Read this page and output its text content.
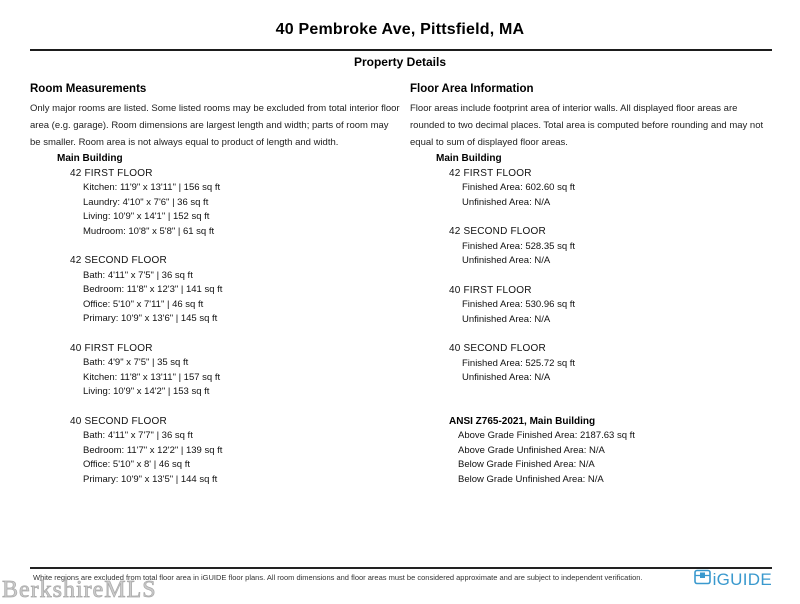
40 Pembroke Ave, Pittsfield, MA
Property Details
Room Measurements
Only major rooms are listed. Some listed rooms may be excluded from total interior floor area (e.g. garage). Room dimensions are largest length and width; parts of room may be smaller. Room area is not always equal to product of length and width.
Floor Area Information
Floor areas include footprint area of interior walls. All displayed floor areas are rounded to two decimal places. Total area is computed before rounding and may not equal to sum of displayed floor areas.
Main Building
42 FIRST FLOOR
Kitchen: 11'9" x 13'11" | 156 sq ft
Laundry: 4'10" x 7'6" | 36 sq ft
Living: 10'9" x 14'1" | 152 sq ft
Mudroom: 10'8" x 5'8" | 61 sq ft
42 SECOND FLOOR
Bath: 4'11" x 7'5" | 36 sq ft
Bedroom: 11'8" x 12'3" | 141 sq ft
Office: 5'10" x 7'11" | 46 sq ft
Primary: 10'9" x 13'6" | 145 sq ft
40 FIRST FLOOR
Bath: 4'9" x 7'5" | 35 sq ft
Kitchen: 11'8" x 13'11" | 157 sq ft
Living: 10'9" x 14'2" | 153 sq ft
40 SECOND FLOOR
Bath: 4'11" x 7'7" | 36 sq ft
Bedroom: 11'7" x 12'2" | 139 sq ft
Office: 5'10" x 8' | 46 sq ft
Primary: 10'9" x 13'5" | 144 sq ft
Main Building
42 FIRST FLOOR
Finished Area: 602.60 sq ft
Unfinished Area: N/A
42 SECOND FLOOR
Finished Area: 528.35 sq ft
Unfinished Area: N/A
40 FIRST FLOOR
Finished Area: 530.96 sq ft
Unfinished Area: N/A
40 SECOND FLOOR
Finished Area: 525.72 sq ft
Unfinished Area: N/A
ANSI Z765-2021, Main Building
Above Grade Finished Area: 2187.63 sq ft
Above Grade Unfinished Area: N/A
Below Grade Finished Area: N/A
Below Grade Unfinished Area: N/A
White regions are excluded from total floor area in iGUIDE floor plans. All room dimensions and floor areas must be considered approximate and are subject to independent verification.	iGUIDE
BerkshireMLS
